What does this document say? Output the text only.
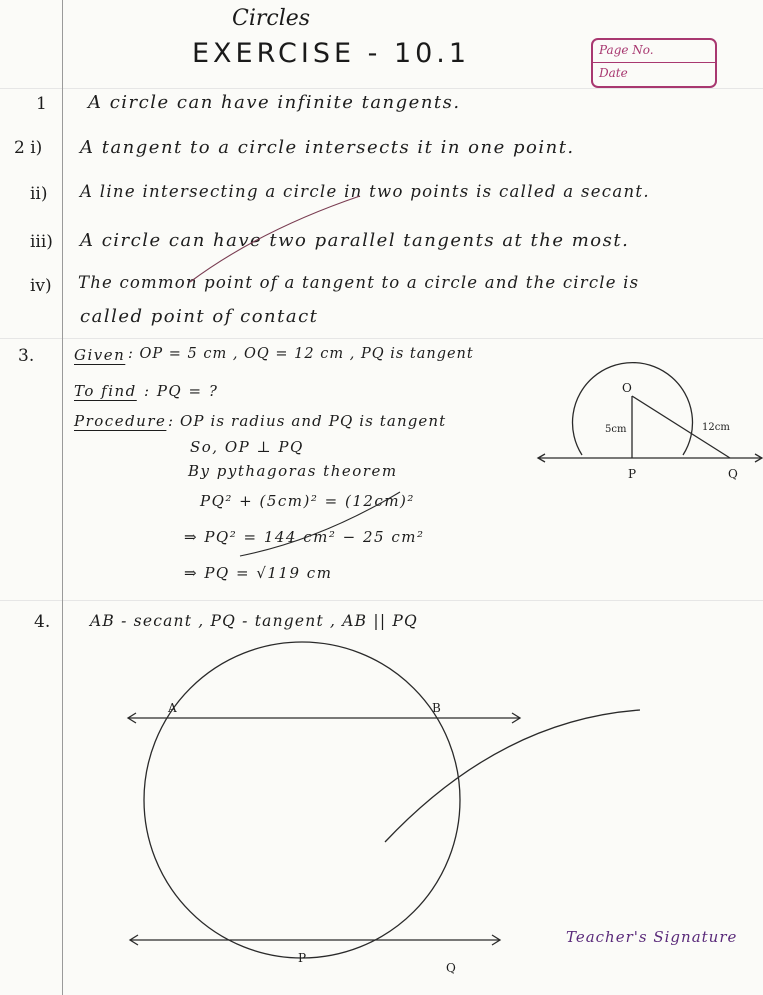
Circles
EXERCISE - 10.1	Page No.
Date
1 A circle can have infinite tangents.
2 i) A tangent to a circle intersects it in one point.
ii) A line intersecting a circle in two points is called a secant.
iii) A circle can have two parallel tangents at the most.
iv) The common point of a tangent to a circle and the circle is
called point of contact
3.	Given : OP = 5 cm , OQ = 12 cm , PQ is tangent
To find : PQ = ?
Procedure : OP is radius and PQ is tangent
So, OP ⊥ PQ
By pythagoras theorem
PQ² + (5cm)² = (12cm)²
⇒ PQ² = 144 cm² − 25 cm²
⇒ PQ = √119 cm
O
P	Q
5cm	12cm
A	B
P
Q
4.	AB - secant , PQ - tangent , AB || PQ
Teacher's Signature
